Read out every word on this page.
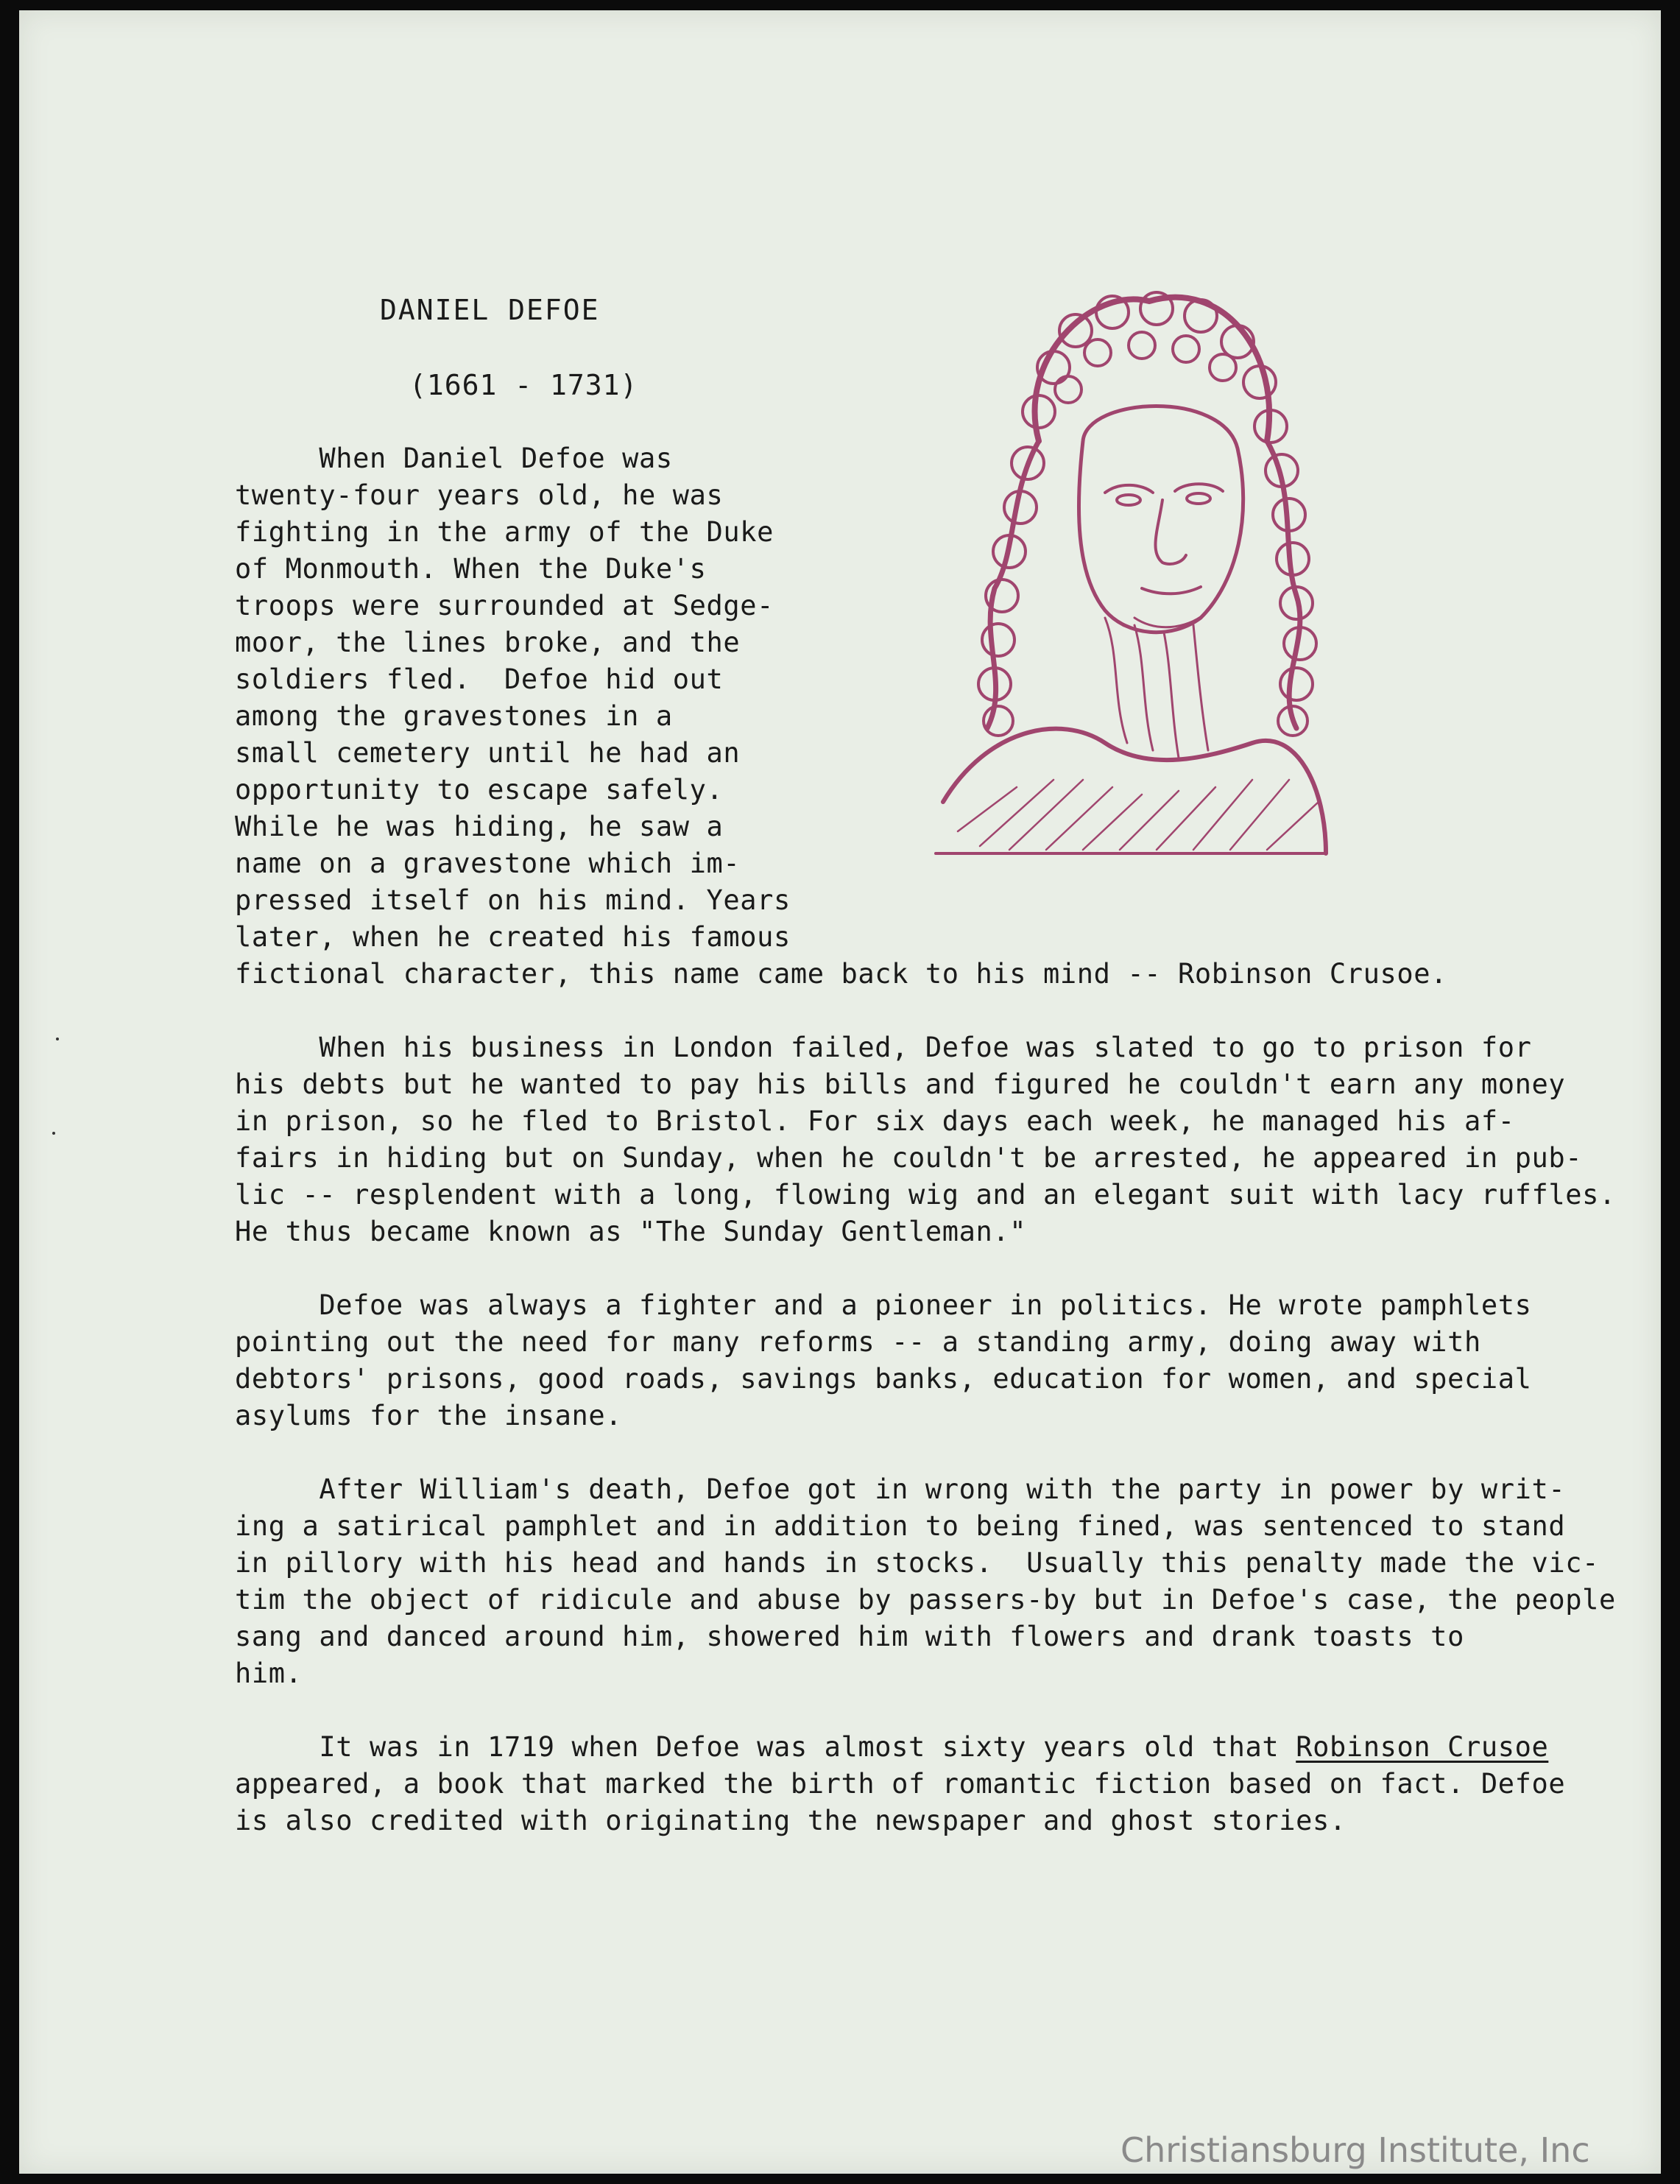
DANIEL DEFOE
(1661 - 1731)
When Daniel Defoe was
twenty-four years old, he was
fighting in the army of the Duke
of Monmouth. When the Duke's
troops were surrounded at Sedge-
moor, the lines broke, and the
soldiers fled.  Defoe hid out
among the gravestones in a
small cemetery until he had an
opportunity to escape safely.
While he was hiding, he saw a
name on a gravestone which im-
pressed itself on his mind. Years
later, when he created his famous
fictional character, this name came back to his mind -- Robinson Crusoe.
When his business in London failed, Defoe was slated to go to prison for
his debts but he wanted to pay his bills and figured he couldn't earn any money
in prison, so he fled to Bristol. For six days each week, he managed his af-
fairs in hiding but on Sunday, when he couldn't be arrested, he appeared in pub-
lic -- resplendent with a long, flowing wig and an elegant suit with lacy ruffles.
He thus became known as "The Sunday Gentleman."
Defoe was always a fighter and a pioneer in politics. He wrote pamphlets
pointing out the need for many reforms -- a standing army, doing away with
debtors' prisons, good roads, savings banks, education for women, and special
asylums for the insane.
After William's death, Defoe got in wrong with the party in power by writ-
ing a satirical pamphlet and in addition to being fined, was sentenced to stand
in pillory with his head and hands in stocks.  Usually this penalty made the vic-
tim the object of ridicule and abuse by passers-by but in Defoe's case, the people
sang and danced around him, showered him with flowers and drank toasts to
him.
It was in 1719 when Defoe was almost sixty years old that Robinson Crusoe
appeared, a book that marked the birth of romantic fiction based on fact. Defoe
is also credited with originating the newspaper and ghost stories.
Christiansburg Institute, Inc
